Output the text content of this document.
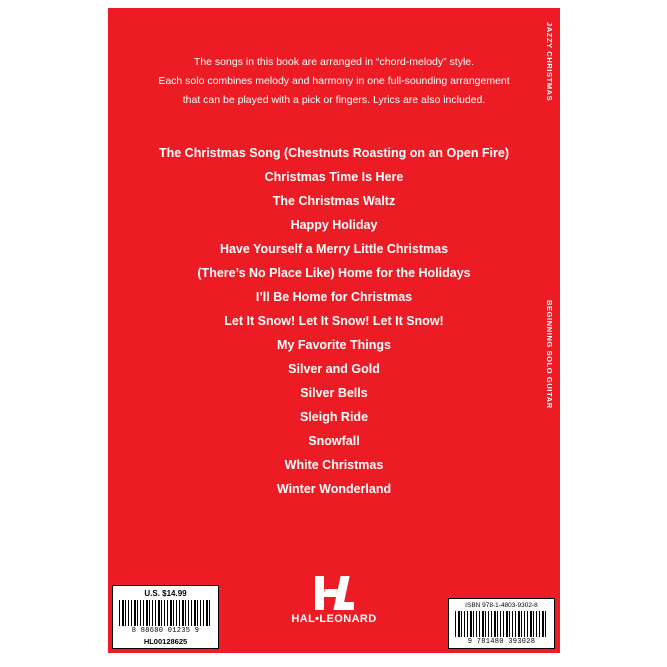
JAZZY CHRISTMAS
BEGINNING SOLO GUITAR
The songs in this book are arranged in “chord-melody” style.
Each solo combines melody and harmony in one full-sounding arrangement
that can be played with a pick or fingers. Lyrics are also included.
The Christmas Song (Chestnuts Roasting on an Open Fire)
Christmas Time Is Here
The Christmas Waltz
Happy Holiday
Have Yourself a Merry Little Christmas
(There’s No Place Like) Home for the Holidays
I’ll Be Home for Christmas
Let It Snow! Let It Snow! Let It Snow!
My Favorite Things
Silver and Gold
Silver Bells
Sleigh Ride
Snowfall
White Christmas
Winter Wonderland
HAL•LEONARD
U.S. $14.99
8 88680 01235 9
HL00128625
ISBN 978-1-4803-9302-8
9 781480 393028
